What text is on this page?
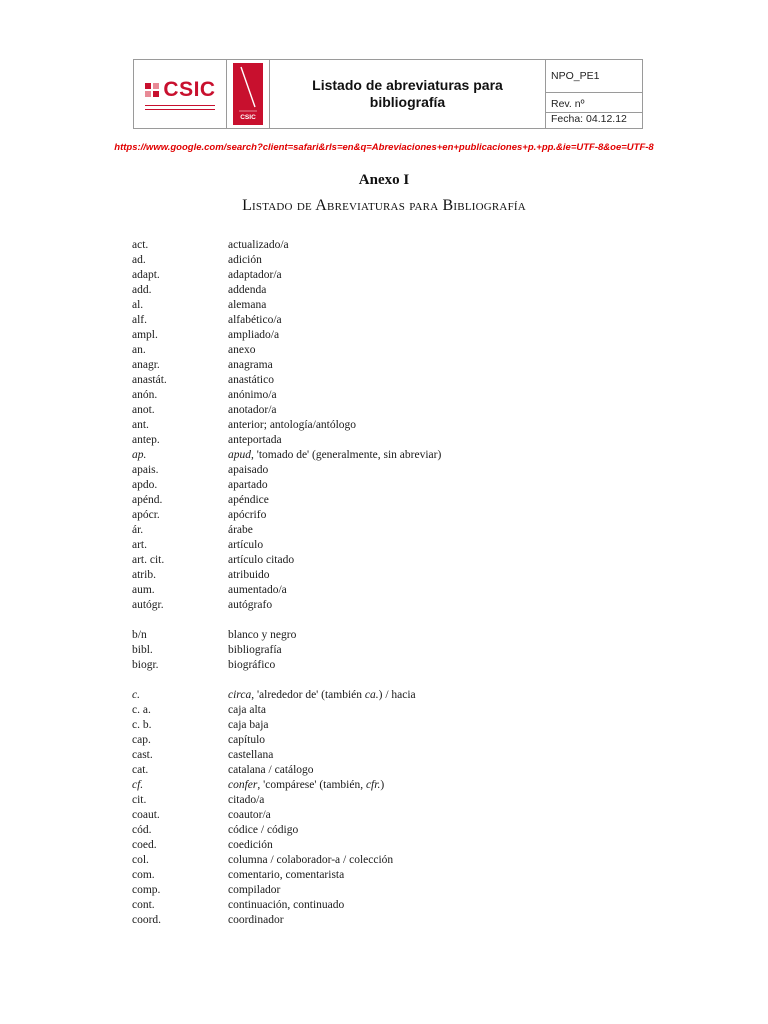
CSIC
CSIC
Listado de abreviaturas para bibliografía
NPO_PE1
Rev. nº
Fecha: 04.12.12
https://www.google.com/search?client=safari&rls=en&q=Abreviaciones+en+publicaciones+p.+pp.&ie=UTF-8&oe=UTF-8
Anexo I
Listado de Abreviaturas para Bibliografía
act.	actualizado/a
ad.	adición
adapt.	adaptador/a
add.	addenda
al.	alemana
alf.	alfabético/a
ampl.	ampliado/a
an.	anexo
anagr.	anagrama
anastát.	anastático
anón.	anónimo/a
anot.	anotador/a
ant.	anterior; antología/antólogo
antep.	anteportada
ap.	apud, 'tomado de' (generalmente, sin abreviar)
apais.	apaisado
apdo.	apartado
apénd.	apéndice
apócr.	apócrifo
ár.	árabe
art.	artículo
art. cit.	artículo citado
atrib.	atribuido
aum.	aumentado/a
autógr.	autógrafo
b/n	blanco y negro
bibl.	bibliografía
biogr.	biográfico
c.	circa, 'alrededor de' (también ca.) / hacia
c. a.	caja alta
c. b.	caja baja
cap.	capítulo
cast.	castellana
cat.	catalana / catálogo
cf.	confer, 'compárese' (también, cfr.)
cit.	citado/a
coaut.	coautor/a
cód.	códice / código
coed.	coedición
col.	columna / colaborador-a / colección
com.	comentario, comentarista
comp.	compilador
cont.	continuación, continuado
coord.	coordinador
